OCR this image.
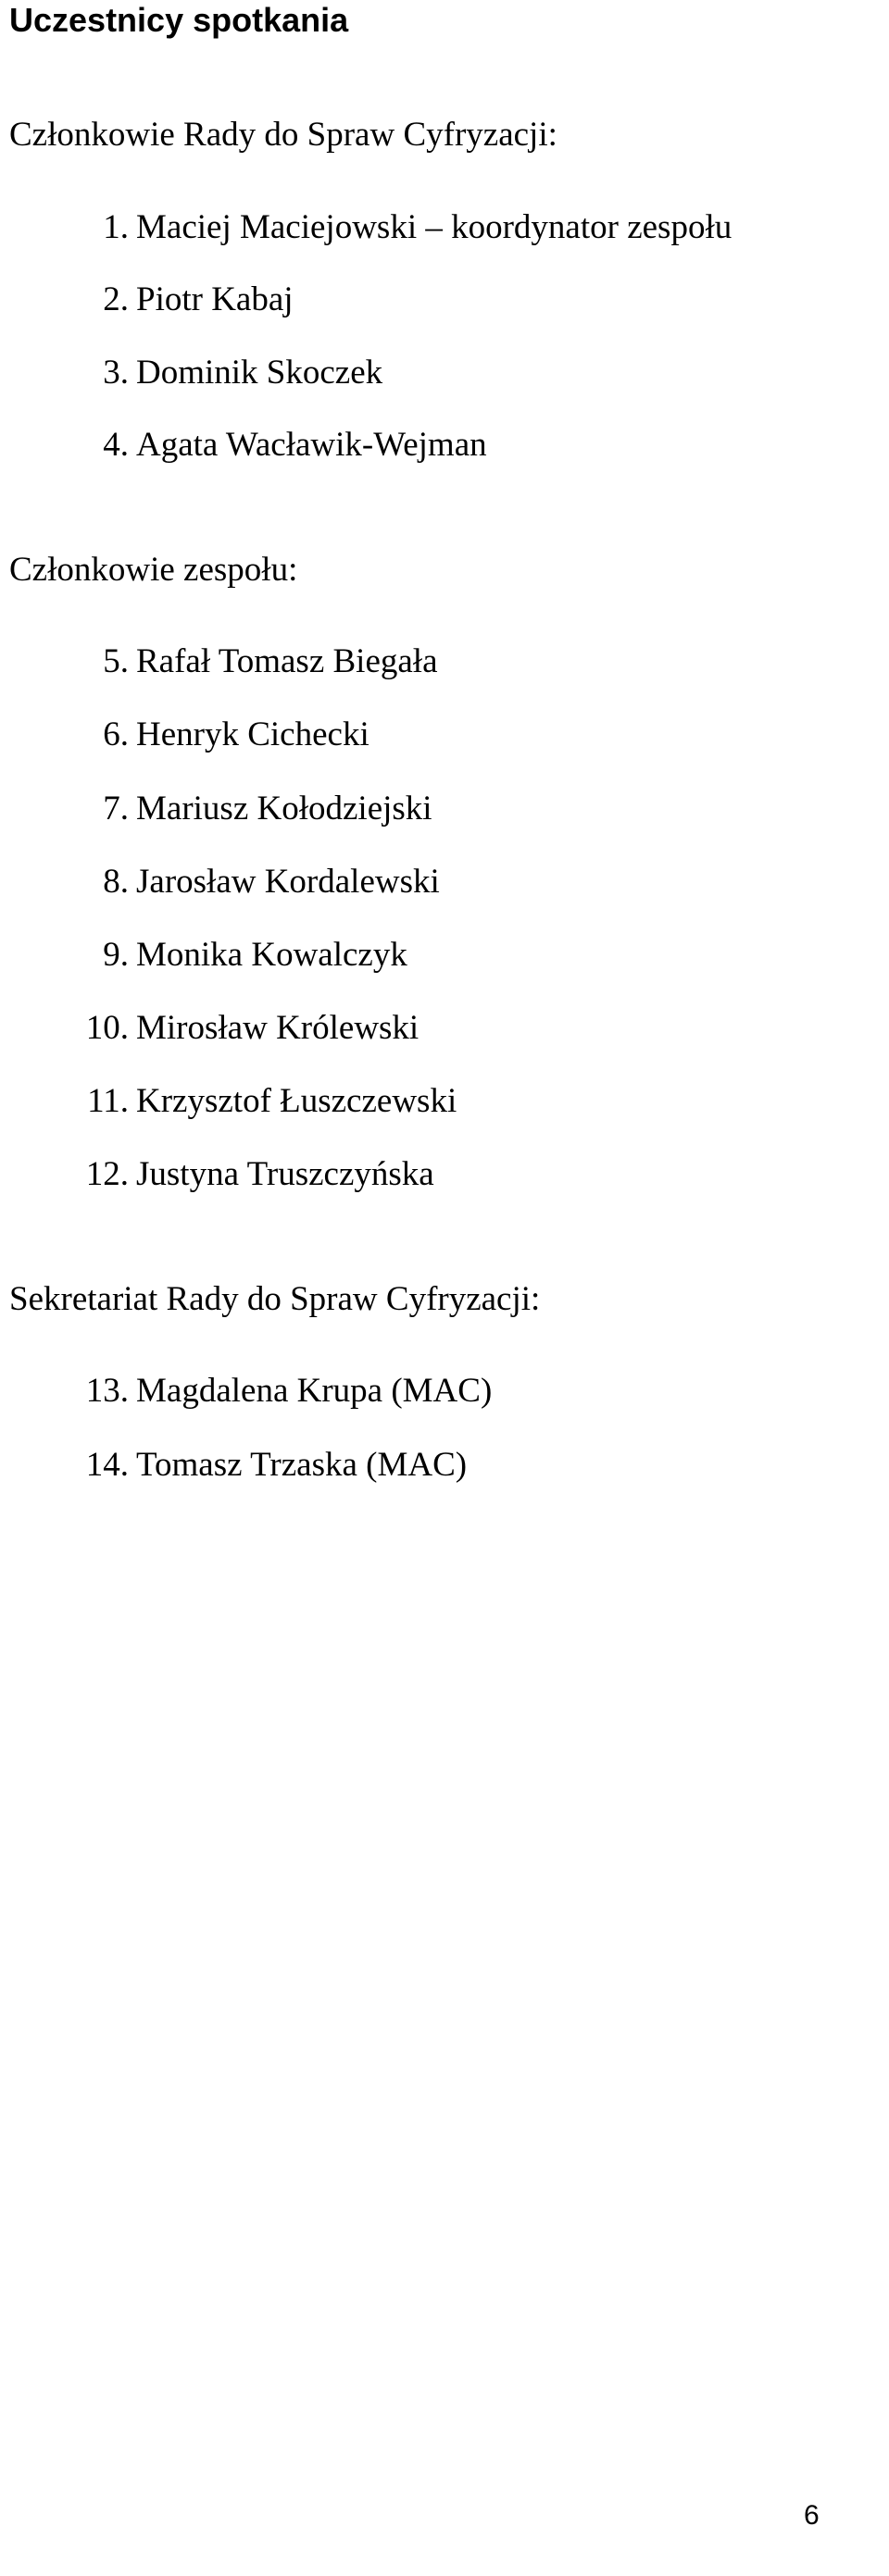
Uczestnicy spotkania

Członkowie Rady do Spraw Cyfryzacji:

1. Maciej Maciejowski – koordynator zespołu
2. Piotr Kabaj
3. Dominik Skoczek
4. Agata Wacławik-Wejman

Członkowie zespołu:

5. Rafał Tomasz Biegała
6. Henryk Cichecki
7. Mariusz Kołodziejski
8. Jarosław Kordalewski
9. Monika Kowalczyk
10. Mirosław Królewski
11. Krzysztof Łuszczewski
12. Justyna Truszczyńska

Sekretariat Rady do Spraw Cyfryzacji:

13. Magdalena Krupa (MAC)
14. Tomasz Trzaska (MAC)
6
